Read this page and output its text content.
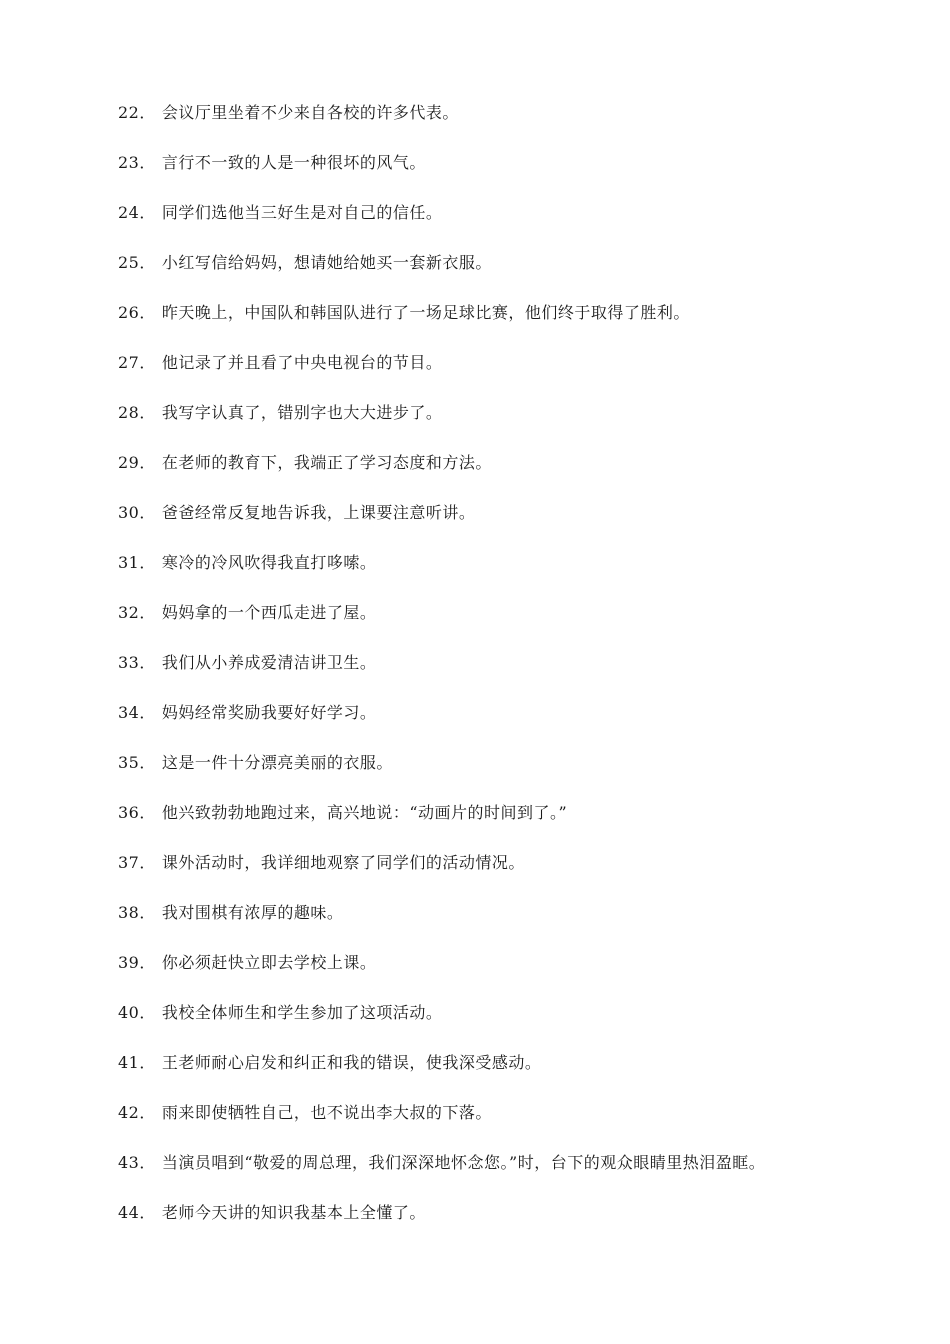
22． 会议厅里坐着不少来自各校的许多代表。
23． 言行不一致的人是一种很坏的风气。
24． 同学们选他当三好生是对自己的信任。
25． 小红写信给妈妈，想请她给她买一套新衣服。
26． 昨天晚上，中国队和韩国队进行了一场足球比赛，他们终于取得了胜利。
27． 他记录了并且看了中央电视台的节目。
28． 我写字认真了，错别字也大大进步了。
29． 在老师的教育下，我端正了学习态度和方法。
30． 爸爸经常反复地告诉我，上课要注意听讲。
31． 寒冷的冷风吹得我直打哆嗦。
32． 妈妈拿的一个西瓜走进了屋。
33． 我们从小养成爱清洁讲卫生。
34． 妈妈经常奖励我要好好学习。
35． 这是一件十分漂亮美丽的衣服。
36． 他兴致勃勃地跑过来，高兴地说：“动画片的时间到了。”
37． 课外活动时，我详细地观察了同学们的活动情况。
38． 我对围棋有浓厚的趣味。
39． 你必须赶快立即去学校上课。
40． 我校全体师生和学生参加了这项活动。
41． 王老师耐心启发和纠正和我的错误，使我深受感动。
42． 雨来即使牺牲自己，也不说出李大叔的下落。
43． 当演员唱到“敬爱的周总理，我们深深地怀念您。”时，台下的观众眼睛里热泪盈眶。
44． 老师今天讲的知识我基本上全懂了。
